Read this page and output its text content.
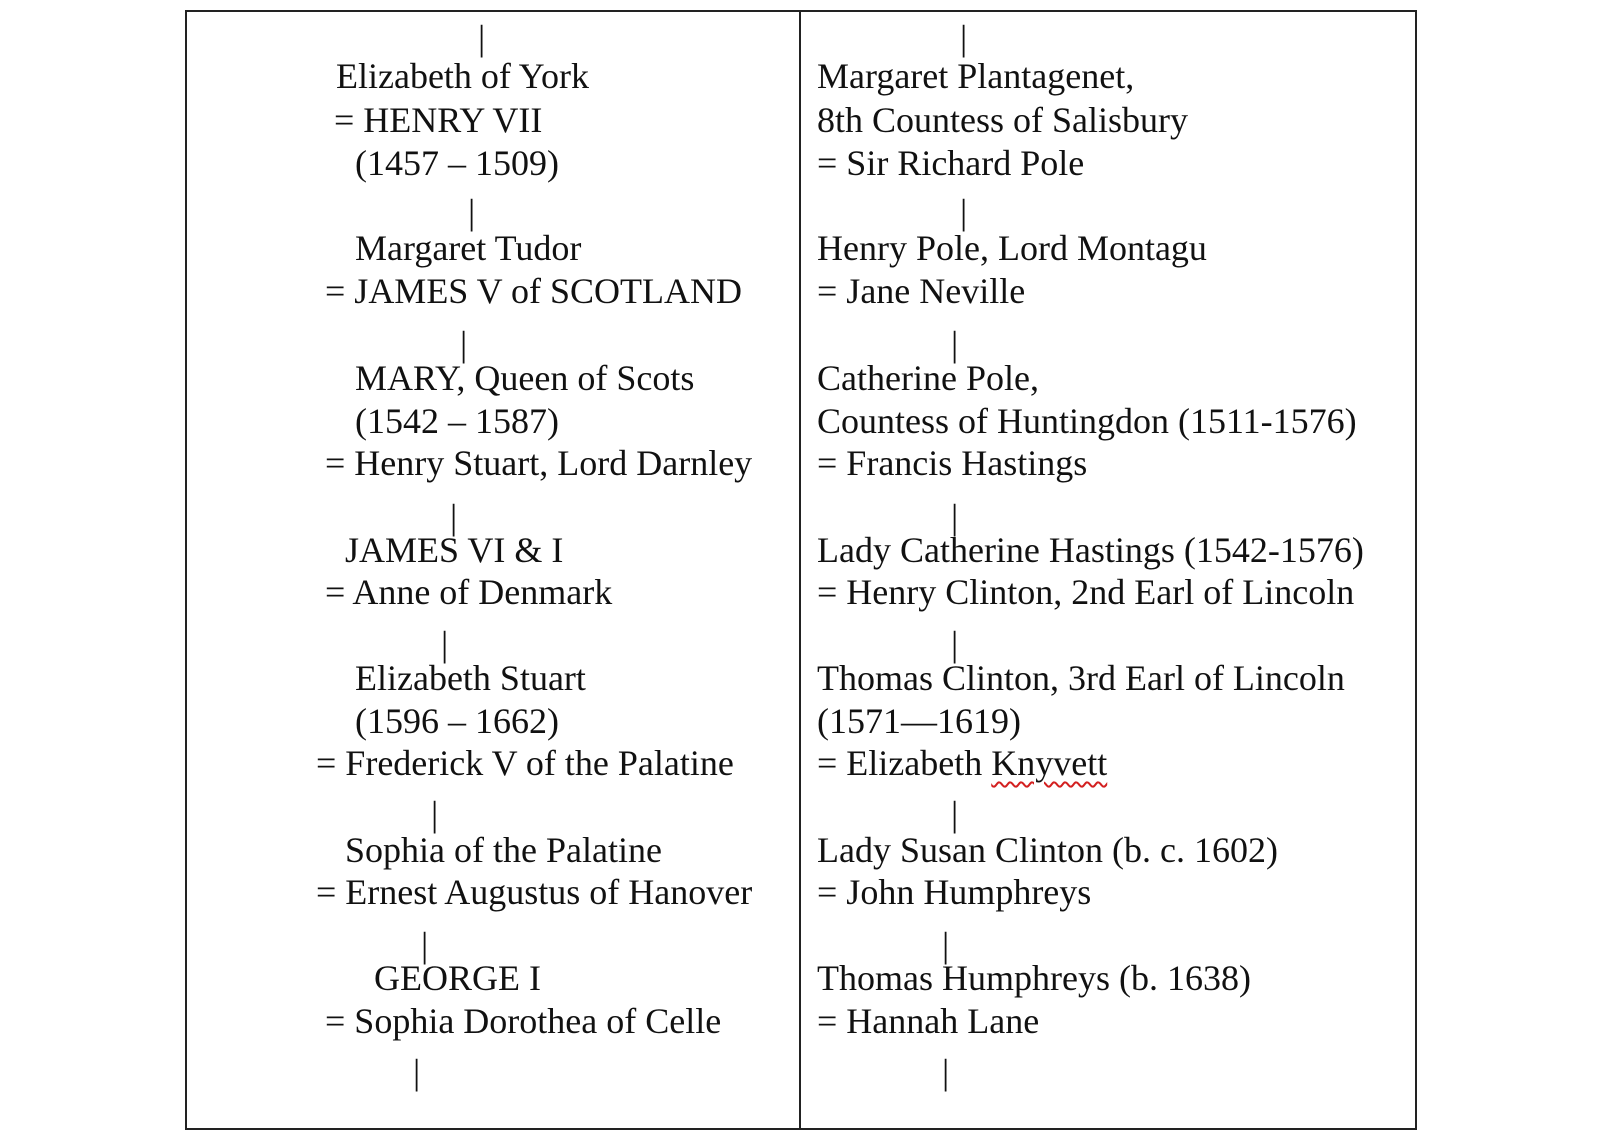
|
|
|
|
|
|
|
|
Elizabeth of York
= HENRY VII
(1457 – 1509)
Margaret Tudor
= JAMES V of SCOTLAND
MARY, Queen of Scots
(1542 – 1587)
= Henry Stuart, Lord Darnley
JAMES VI & I
= Anne of Denmark
Elizabeth Stuart
(1596 – 1662)
= Frederick V of the Palatine
Sophia of the Palatine
= Ernest Augustus of Hanover
GEORGE I
= Sophia Dorothea of Celle
|
|
|
|
|
|
|
|
Margaret Plantagenet,
8th Countess of Salisbury
= Sir Richard Pole
Henry Pole, Lord Montagu
= Jane Neville
Catherine Pole,
Countess of Huntingdon (1511-1576)
= Francis Hastings
Lady Catherine Hastings (1542-1576)
= Henry Clinton, 2nd Earl of Lincoln
Thomas Clinton, 3rd Earl of Lincoln
(1571—1619)
= Elizabeth Knyvett
Lady Susan Clinton (b. c. 1602)
= John Humphreys
Thomas Humphreys (b. 1638)
= Hannah Lane
